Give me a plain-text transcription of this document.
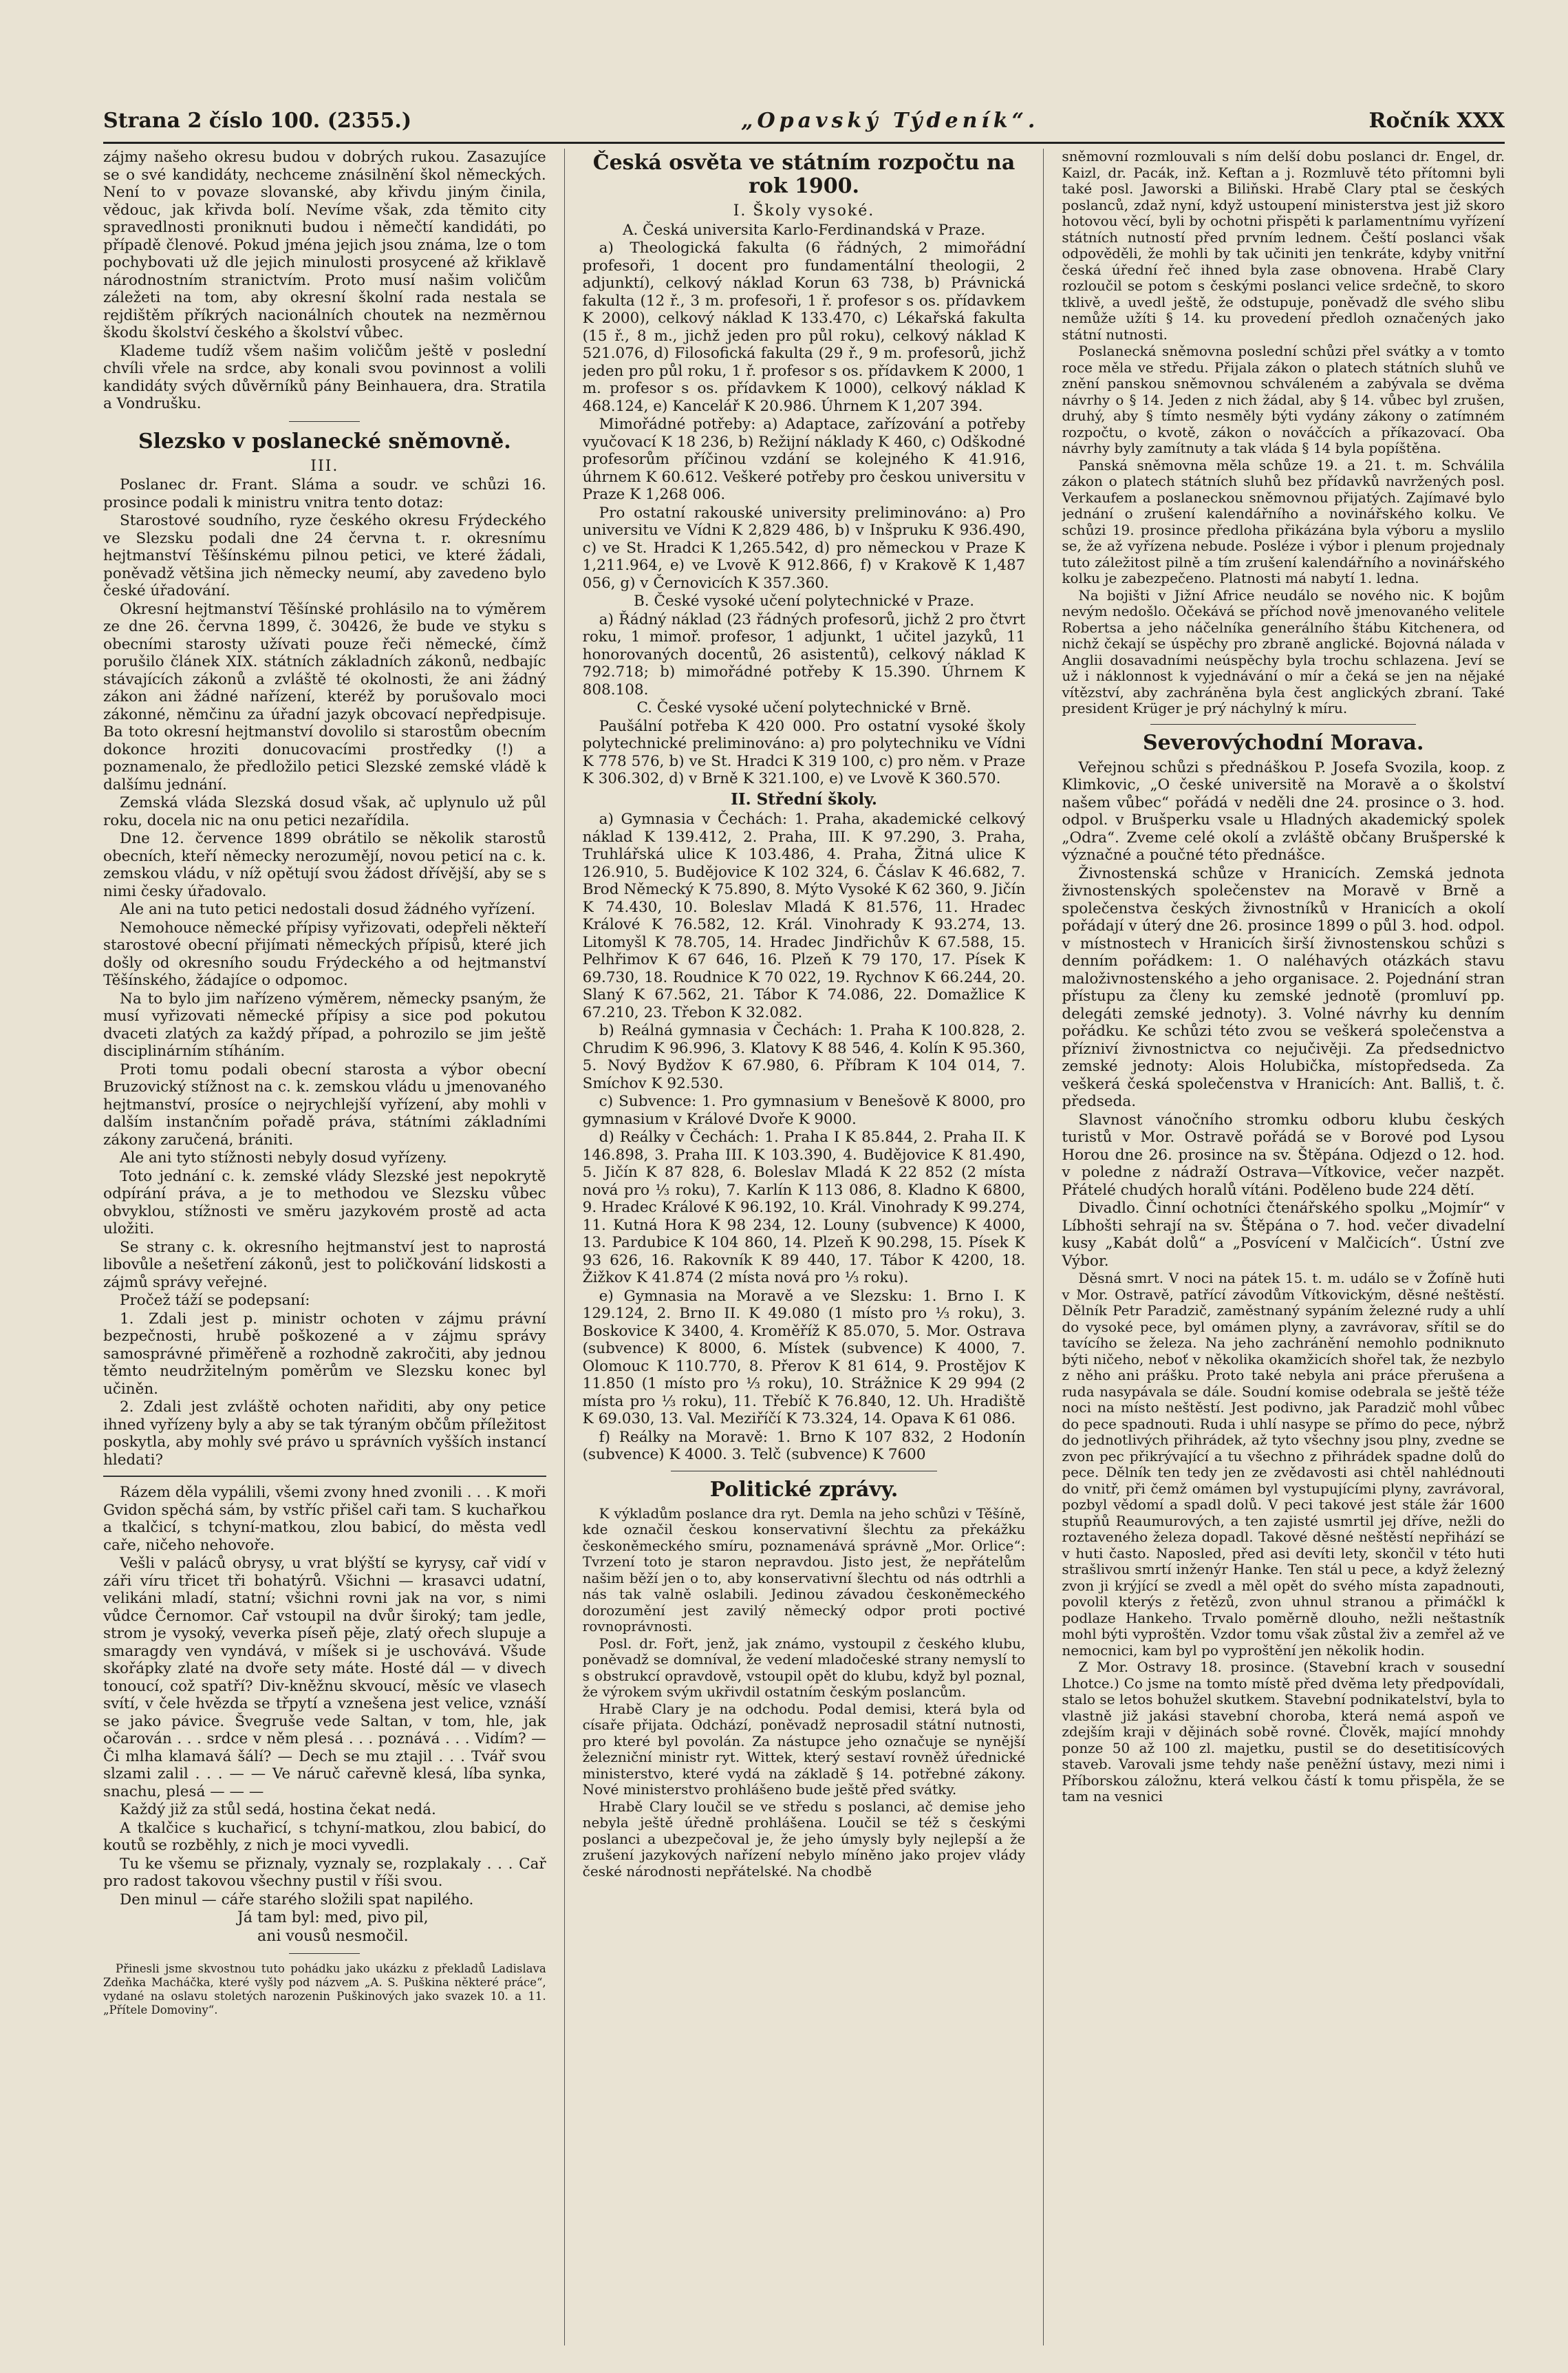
Strana 2 číslo 100. (2355.)	„Opavský Týdeník“.	Ročník XXX

zájmy našeho okresu budou v dobrých rukou. Zasazujíce se o své kandidáty, nechceme znásilnění škol německých. Není to v povaze slovanské, aby křivdu jiným činila, vědouc, jak křivda bolí. Nevíme však, zda těmito city spravedlnosti proniknuti budou i němečtí kandidáti, po případě členové. Pokud jména jejich jsou známa, lze o tom pochybovati už dle jejich minulosti prosycené až křiklavě národnostním stranictvím. Proto musí našim voličům záležeti na tom, aby okresní školní rada nestala se rejdištěm příkrých nacionálních choutek na nezměrnou škodu školství českého a školství vůbec.

Klademe tudíž všem našim voličům ještě v poslední chvíli vřele na srdce, aby konali svou povinnost a volili kandidáty svých důvěrníků pány Beinhauera, dra. Stratila a Vondrušku.

Slezsko v poslanecké sněmovně.
III.

Poslanec dr. Frant. Sláma a soudr. ve schůzi 16. prosince podali k ministru vnitra tento dotaz:

Starostové soudního, ryze českého okresu Frýdeckého ve Slezsku podali dne 24 června t. r. okresnímu hejtmanství Těšínskému pilnou petici, ve které žádali, poněvadž většina jich německy neumí, aby zavedeno bylo české úřadování.

Okresní hejtmanství Těšínské prohlásilo na to výměrem ze dne 26. června 1899, č. 30426, že bude ve styku s obecními starosty užívati pouze řeči německé, čímž porušilo článek XIX. státních základních zákonů, nedbajíc stávajících zákonů a zvláště té okolnosti, že ani žádný zákon ani žádné nařízení, kteréž by porušovalo moci zákonné, němčinu za úřadní jazyk obcovací nepředpisuje. Ba toto okresní hejtmanství dovolilo si starostům obecním dokonce hroziti donucovacími prostředky (!) a poznamenalo, že předložilo petici Slezské zemské vládě k dalšímu jednání.

Zemská vláda Slezská dosud však, ač uplynulo už půl roku, docela nic na onu petici nezařídila.

Dne 12. července 1899 obrátilo se několik starostů obecních, kteří německy nerozumějí, novou peticí na c. k. zemskou vládu, v níž opětují svou žádost dřívější, aby se s nimi česky úřadovalo.

Ale ani na tuto petici nedostali dosud žádného vyřízení.

Nemohouce německé přípisy vyřizovati, odepřeli někteří starostové obecní přijímati německých přípisů, které jich došly od okresního soudu Frýdeckého a od hejtmanství Těšínského, žádajíce o odpomoc.

Na to bylo jim nařízeno výměrem, německy psaným, že musí vyřizovati německé přípisy a sice pod pokutou dvaceti zlatých za každý případ, a pohrozilo se jim ještě disciplinárním stíháním.

Proti tomu podali obecní starosta a výbor obecní Bruzovický stížnost na c. k. zemskou vládu u jmenovaného hejtmanství, prosíce o nejrychlejší vyřízení, aby mohli v dalším instančním pořadě práva, státními základními zákony zaručená, brániti.

Ale ani tyto stížnosti nebyly dosud vyřízeny.

Toto jednání c. k. zemské vlády Slezské jest nepokrytě odpírání práva, a je to methodou ve Slezsku vůbec obvyklou, stížnosti ve směru jazykovém prostě ad acta uložiti.

Se strany c. k. okresního hejtmanství jest to naprostá libovůle a nešetření zákonů, jest to poličkování lidskosti a zájmů správy veřejné.

Pročež táží se podepsaní:

1. Zdali jest p. ministr ochoten v zájmu právní bezpečnosti, hrubě poškozené a v zájmu správy samosprávné přiměřeně a rozhodně zakročiti, aby jednou těmto neudržitelným poměrům ve Slezsku konec byl učiněn.

2. Zdali jest zvláště ochoten nařiditi, aby ony petice ihned vyřízeny byly a aby se tak týraným občům příležitost poskytla, aby mohly své právo u správních vyšších instancí hledati?

Rázem děla vypálili, všemi zvony hned zvonili . . . K moři Gvidon spěchá sám, by vstříc přišel caři tam. S kuchařkou a tkalčicí, s tchyní-matkou, zlou babicí, do města vedl caře, ničeho nehovoře.

Vešli v paláců obrysy, u vrat blýští se kyrysy, cař vidí v záři víru třicet tři bohatýrů. Všichni — krasavci udatní, velikáni mladí, statní; všichni rovni jak na vor, s nimi vůdce Černomor. Cař vstoupil na dvůr široký; tam jedle, strom je vysoký, veverka píseň pěje, zlatý ořech slupuje a smaragdy ven vyndává, v míšek si je uschovává. Všude skořápky zlaté na dvoře sety máte. Hosté dál — v divech tonoucí, což spatří? Div-kněžnu skvoucí, měsíc ve vlasech svítí, v čele hvězda se třpytí a vznešena jest velice, vznáší se jako pávice. Švegruše vede Saltan, v tom, hle, jak očarován . . . srdce v něm plesá . . . poznává . . . Vidím? — Či mlha klamavá šálí? — Dech se mu ztajil . . . Tvář svou slzami zalil . . . — — Ve náruč cařevně klesá, líba synka, snachu, plesá — — —

Každý již za stůl sedá, hostina čekat nedá.

A tkalčice s kuchařicí, s tchyní-matkou, zlou babicí, do koutů se rozběhly, z nich je moci vyvedli.

Tu ke všemu se přiznaly, vyznaly se, rozplakaly . . . Cař pro radost takovou všechny pustil v říši svou.

Den minul — cáře starého složili spat napilého.

Já tam byl: med, pivo pil,

ani vousů nesmočil.

Přinesli jsme skvostnou tuto pohádku jako ukázku z překladů Ladislava Zdeňka Macháčka, které vyšly pod názvem „A. S. Puškina některé práce“, vydané na oslavu stoletých narozenin Puškinových jako svazek 10. a 11. „Přítele Domoviny“.

Česká osvěta ve státním rozpočtu na rok 1900.
I. Školy vysoké.

A. Česká universita Karlo-Ferdinandská v Praze.

a) Theologická fakulta (6 řádných, 2 mimořádní profesoři, 1 docent pro fundamentální theologii, 2 adjunktí), celkový náklad Korun 63 738, b) Právnická fakulta (12 ř., 3 m. profesoři, 1 ř. profesor s os. přídavkem K 2000), celkový náklad K 133.470, c) Lékařská fakulta (15 ř., 8 m., jichž jeden pro půl roku), celkový náklad K 521.076, d) Filosofická fakulta (29 ř., 9 m. profesorů, jichž jeden pro půl roku, 1 ř. profesor s os. přídavkem K 2000, 1 m. profesor s os. přídavkem K 1000), celkový náklad K 468.124, e) Kancelář K 20.986. Úhrnem K 1,207 394.

Mimořádné potřeby: a) Adaptace, zařízování a potřeby vyučovací K 18 236, b) Režijní náklady K 460, c) Odškodné profesorům příčinou vzdání se kolejného K 41.916, úhrnem K 60.612. Veškeré potřeby pro českou universitu v Praze K 1,268 006.

Pro ostatní rakouské university preliminováno: a) Pro universitu ve Vídni K 2,829 486, b) v Inšpruku K 936.490, c) ve St. Hradci K 1,265.542, d) pro německou v Praze K 1,211.964, e) ve Lvově K 912.866, f) v Krakově K 1,487 056, g) v Černovicích K 357.360.

B. České vysoké učení polytechnické v Praze.

a) Řádný náklad (23 řádných profesorů, jichž 2 pro čtvrt roku, 1 mimoř. profesor, 1 adjunkt, 1 učitel jazyků, 11 honorovaných docentů, 26 asistentů), celkový náklad K 792.718; b) mimořádné potřeby K 15.390. Úhrnem K 808.108.

C. České vysoké učení polytechnické v Brně.

Paušální potřeba K 420 000. Pro ostatní vysoké školy polytechnické preliminováno: a) pro polytechniku ve Vídni K 778 576, b) ve St. Hradci K 319 100, c) pro něm. v Praze K 306.302, d) v Brně K 321.100, e) ve Lvově K 360.570.

II. Střední školy.

a) Gymnasia v Čechách: 1. Praha, akademické celkový náklad K 139.412, 2. Praha, III. K 97.290, 3. Praha, Truhlářská ulice K 103.486, 4. Praha, Žitná ulice K 126.910, 5. Budějovice K 102 324, 6. Čáslav K 46.682, 7. Brod Německý K 75.890, 8. Mýto Vysoké K 62 360, 9. Jičín K 74.430, 10. Boleslav Mladá K 81.576, 11. Hradec Králové K 76.582, 12. Král. Vinohrady K 93.274, 13. Litomyšl K 78.705, 14. Hradec Jindřichův K 67.588, 15. Pelhřimov K 67 646, 16. Plzeň K 79 170, 17. Písek K 69.730, 18. Roudnice K 70 022, 19. Rychnov K 66.244, 20. Slaný K 67.562, 21. Tábor K 74.086, 22. Domažlice K 67.210, 23. Třebon K 32.082.

b) Reálná gymnasia v Čechách: 1. Praha K 100.828, 2. Chrudim K 96.996, 3. Klatovy K 88 546, 4. Kolín K 95.360, 5. Nový Bydžov K 67.980, 6. Příbram K 104 014, 7. Smíchov K 92.530.

c) Subvence: 1. Pro gymnasium v Benešově K 8000, pro gymnasium v Králové Dvoře K 9000.

d) Reálky v Čechách: 1. Praha I K 85.844, 2. Praha II. K 146.898, 3. Praha III. K 103.390, 4. Budějovice K 81.490, 5. Jičín K 87 828, 6. Boleslav Mladá K 22 852 (2 místa nová pro ⅓ roku), 7. Karlín K 113 086, 8. Kladno K 6800, 9. Hradec Králové K 96.192, 10. Král. Vinohrady K 99.274, 11. Kutná Hora K 98 234, 12. Louny (subvence) K 4000, 13. Pardubice K 104 860, 14. Plzeň K 90.298, 15. Písek K 93 626, 16. Rakovník K 89 440, 17. Tábor K 4200, 18. Žižkov K 41.874 (2 místa nová pro ⅓ roku).

e) Gymnasia na Moravě a ve Slezsku: 1. Brno I. K 129.124, 2. Brno II. K 49.080 (1 místo pro ⅓ roku), 3. Boskovice K 3400, 4. Kroměříž K 85.070, 5. Mor. Ostrava (subvence) K 8000, 6. Místek (subvence) K 4000, 7. Olomouc K 110.770, 8. Přerov K 81 614, 9. Prostějov K 11.850 (1 místo pro ⅓ roku), 10. Strážnice K 29 994 (2 místa pro ⅓ roku), 11. Třebíč K 76.840, 12. Uh. Hradiště K 69.030, 13. Val. Meziříčí K 73.324, 14. Opava K 61 086.

f) Reálky na Moravě: 1. Brno K 107 832, 2 Hodonín (subvence) K 4000. 3. Telč (subvence) K 7600

Politické zprávy.

K výkladům poslance dra ryt. Demla na jeho schůzi v Těšíně, kde označil českou konservativní šlechtu za překážku českoněmeckého smíru, poznamenává správně „Mor. Orlice“: Tvrzení toto je staron nepravdou. Jisto jest, že nepřátelům našim běží jen o to, aby konservativní šlechtu od nás odtrhli a nás tak valně oslabili. Jedinou závadou českoněmeckého dorozumění jest zavilý německý odpor proti poctivé rovnoprávnosti.

Posl. dr. Fořt, jenž, jak známo, vystoupil z českého klubu, poněvadž se domníval, že vedení mladočeské strany nemyslí to s obstrukcí opravdově, vstoupil opět do klubu, když byl poznal, že výrokem svým ukřivdil ostatním českým poslancům.

Hrabě Clary je na odchodu. Podal demisi, která byla od císaře přijata. Odchází, poněvadž neprosadil státní nutnosti, pro které byl povolán. Za nástupce jeho označuje se nynější železniční ministr ryt. Wittek, který sestaví rovněž úřednické ministerstvo, které vydá na základě § 14. potřebné zákony. Nové ministerstvo prohlášeno bude ještě před svátky.

Hrabě Clary loučil se ve středu s poslanci, ač demise jeho nebyla ještě úředně prohlášena. Loučil se též s českými poslanci a ubezpečoval je, že jeho úmysly byly nejlepší a že zrušení jazykových nařízení nebylo míněno jako projev vlády české národnosti nepřátelské. Na chodbě

sněmovní rozmlouvali s ním delší dobu poslanci dr. Engel, dr. Kaizl, dr. Pacák, inž. Keftan a j. Rozmluvě této přítomni byli také posl. Jaworski a Biliňski. Hrabě Clary ptal se českých poslanců, zdaž nyní, když ustoupení ministerstva jest již skoro hotovou věcí, byli by ochotni přispěti k parlamentnímu vyřízení státních nutností před prvním lednem. Čeští poslanci však odpověděli, že mohli by tak učiniti jen tenkráte, kdyby vnitřní česká úřední řeč ihned byla zase obnovena. Hrabě Clary rozloučil se potom s českými poslanci velice srdečně, to skoro tklivě, a uvedl ještě, že odstupuje, poněvadž dle svého slibu nemůže užíti § 14. ku provedení předloh označených jako státní nutnosti.

Poslanecká sněmovna poslední schůzi přel svátky a v tomto roce měla ve středu. Přijala zákon o platech státních sluhů ve znění panskou sněmovnou schváleném a zabývala se dvěma návrhy o § 14. Jeden z nich žádal, aby § 14. vůbec byl zrušen, druhý, aby § tímto nesměly býti vydány zákony o zatímném rozpočtu, o kvotě, zákon o nováčcích a příkazovací. Oba návrhy byly zamítnuty a tak vláda § 14 byla popíštěna.

Panská sněmovna měla schůze 19. a 21. t. m. Schválila zákon o platech státních sluhů bez přídavků navržených posl. Verkaufem a poslaneckou sněmovnou přijatých. Zajímavé bylo jednání o zrušení kalendářního a novinářského kolku. Ve schůzi 19. prosince předloha přikázána byla výboru a myslilo se, že až vyřízena nebude. Posléze i výbor i plenum projednaly tuto záležitost pilně a tím zrušení kalendářního a novinářského kolku je zabezpečeno. Platnosti má nabytí 1. ledna.

Na bojišti v Jižní Africe neudálo se nového nic. K bojům nevým nedošlo. Očekává se příchod nově jmenovaného velitele Robertsa a jeho náčelníka generálního štábu Kitchenera, od nichž čekají se úspěchy pro zbraně anglické. Bojovná nálada v Anglii dosavadními neúspěchy byla trochu schlazena. Jeví se už i náklonnost k vyjednávání o mír a čeká se jen na nějaké vítězství, aby zachráněna byla čest anglických zbraní. Také president Krüger je prý náchylný k míru.

Severovýchodní Morava.

Veřejnou schůzi s přednáškou P. Josefa Svozila, koop. z Klimkovic, „O české universitě na Moravě a o školství našem vůbec“ pořádá v neděli dne 24. prosince o 3. hod. odpol. v Brušperku vsale u Hladných akademický spolek „Odra“. Zveme celé okolí a zvláště občany Brušperské k význačné a poučné této přednášce.

Živnostenská schůze v Hranicích. Zemská jednota živnostenských společenstev na Moravě v Brně a společenstva českých živnostníků v Hranicích a okolí pořádají v úterý dne 26. prosince 1899 o půl 3. hod. odpol. v místnostech v Hranicích širší živnostenskou schůzi s denním pořádkem: 1. O naléhavých otázkách stavu maloživnostenského a jeho organisace. 2. Pojednání stran přístupu za členy ku zemské jednotě (promluví pp. delegáti zemské jednoty). 3. Volné návrhy ku denním pořádku. Ke schůzi této zvou se veškerá společenstva a přízniví živnostnictva co nejučivěji. Za předsednictvo zemské jednoty: Alois Holubička, místopředseda. Za veškerá česká společenstva v Hranicích: Ant. Balliš, t. č. předseda.

Slavnost vánočního stromku odboru klubu českých turistů v Mor. Ostravě pořádá se v Borové pod Lysou Horou dne 26. prosince na sv. Štěpána. Odjezd o 12. hod. v poledne z nádraží Ostrava—Vítkovice, večer nazpět. Přátelé chudých horalů vítáni. Poděleno bude 224 dětí.

Divadlo. Činní ochotníci čtenářského spolku „Mojmír“ v Líbhošti sehrají na sv. Štěpána o 7. hod. večer divadelní kusy „Kabát dolů“ a „Posvícení v Malčicích“. Ústní zve Výbor.

Děsná smrt. V noci na pátek 15. t. m. událo se v Žofíně huti v Mor. Ostravě, patřící závodům Vítkovickým, děsné neštěstí. Dělník Petr Paradzič, zaměstnaný sypáním železné rudy a uhlí do vysoké pece, byl omámen plyny, a zavrávorav, sřítil se do tavícího se železa. Na jeho zachránění nemohlo podniknuto býti ničeho, neboť v několika okamžicích shořel tak, že nezbylo z něho ani prášku. Proto také nebyla ani práce přerušena a ruda nasypávala se dále. Soudní komise odebrala se ještě téže noci na místo neštěstí. Jest podivno, jak Paradzič mohl vůbec do pece spadnouti. Ruda i uhlí nasype se přímo do pece, nýbrž do jednotlivých přihrádek, až tyto všechny jsou plny, zvedne se zvon pec přikrývající a tu všechno z přihrádek spadne dolů do pece. Dělník ten tedy jen ze zvědavosti asi chtěl nahlédnouti do vnitř, při čemž omámen byl vystupujícími plyny, zavrávoral, pozbyl vědomí a spadl dolů. V peci takové jest stále žár 1600 stupňů Reaumurových, a ten zajisté usmrtil jej dříve, nežli do roztaveného železa dopadl. Takové děsné neštěstí nepřihází se v huti často. Naposled, před asi devíti lety, skončil v této huti strašlivou smrtí inženýr Hanke. Ten stál u pece, a když železný zvon ji krýjící se zvedl a měl opět do svého místa zapadnouti, povolil kterýs z řetězů, zvon uhnul stranou a přimáčkl k podlaze Hankeho. Trvalo poměrně dlouho, nežli neštastník mohl býti vyproštěn. Vzdor tomu však zůstal živ a zemřel až ve nemocnici, kam byl po vyproštění jen několik hodin.

Z Mor. Ostravy 18. prosince. (Stavební krach v sousední Lhotce.) Co jsme na tomto místě před dvěma lety předpovídali, stalo se letos bohužel skutkem. Stavební podnikatelství, byla to vlastně již jakási stavební choroba, která nemá aspoň ve zdejším kraji v dějinách sobě rovné. Člověk, mající mnohdy ponze 50 až 100 zl. majetku, pustil se do desetitisícových staveb. Varovali jsme tehdy naše peněžní ústavy, mezi nimi i Příborskou záložnu, která velkou částí k tomu přispěla, že se tam na vesnici
